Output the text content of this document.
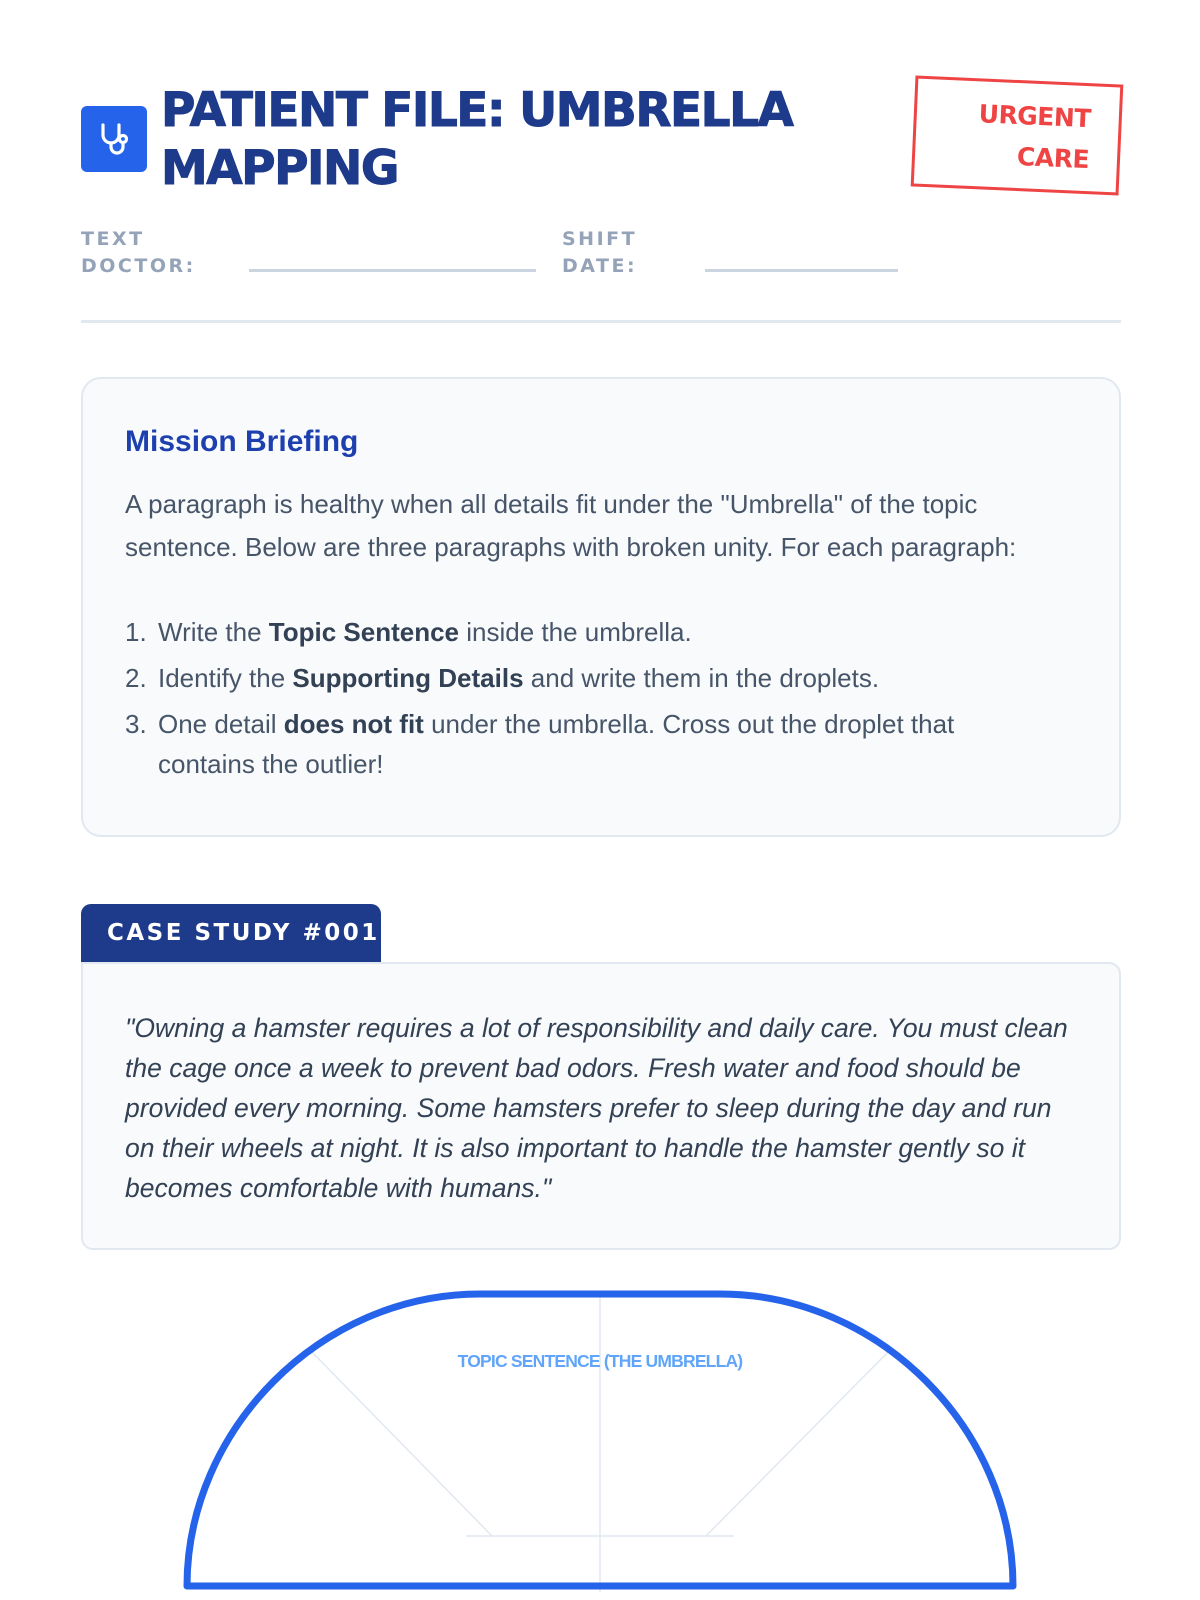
PATIENT FILE: UMBRELLA MAPPING
URGENT
CARE
TEXT DOCTOR:
SHIFT DATE:
Mission Briefing

A paragraph is healthy when all details fit under the "Umbrella" of the topic sentence. Below are three paragraphs with broken unity. For each paragraph:

1. Write the Topic Sentence inside the umbrella.
2. Identify the Supporting Details and write them in the droplets.
3. One detail does not fit under the umbrella. Cross out the droplet that contains the outlier!
CASE STUDY #001

"Owning a hamster requires a lot of responsibility and daily care. You must clean the cage once a week to prevent bad odors. Fresh water and food should be provided every morning. Some hamsters prefer to sleep during the day and run on their wheels at night. It is also important to handle the hamster gently so it becomes comfortable with humans."

TOPIC SENTENCE (THE UMBRELLA)
